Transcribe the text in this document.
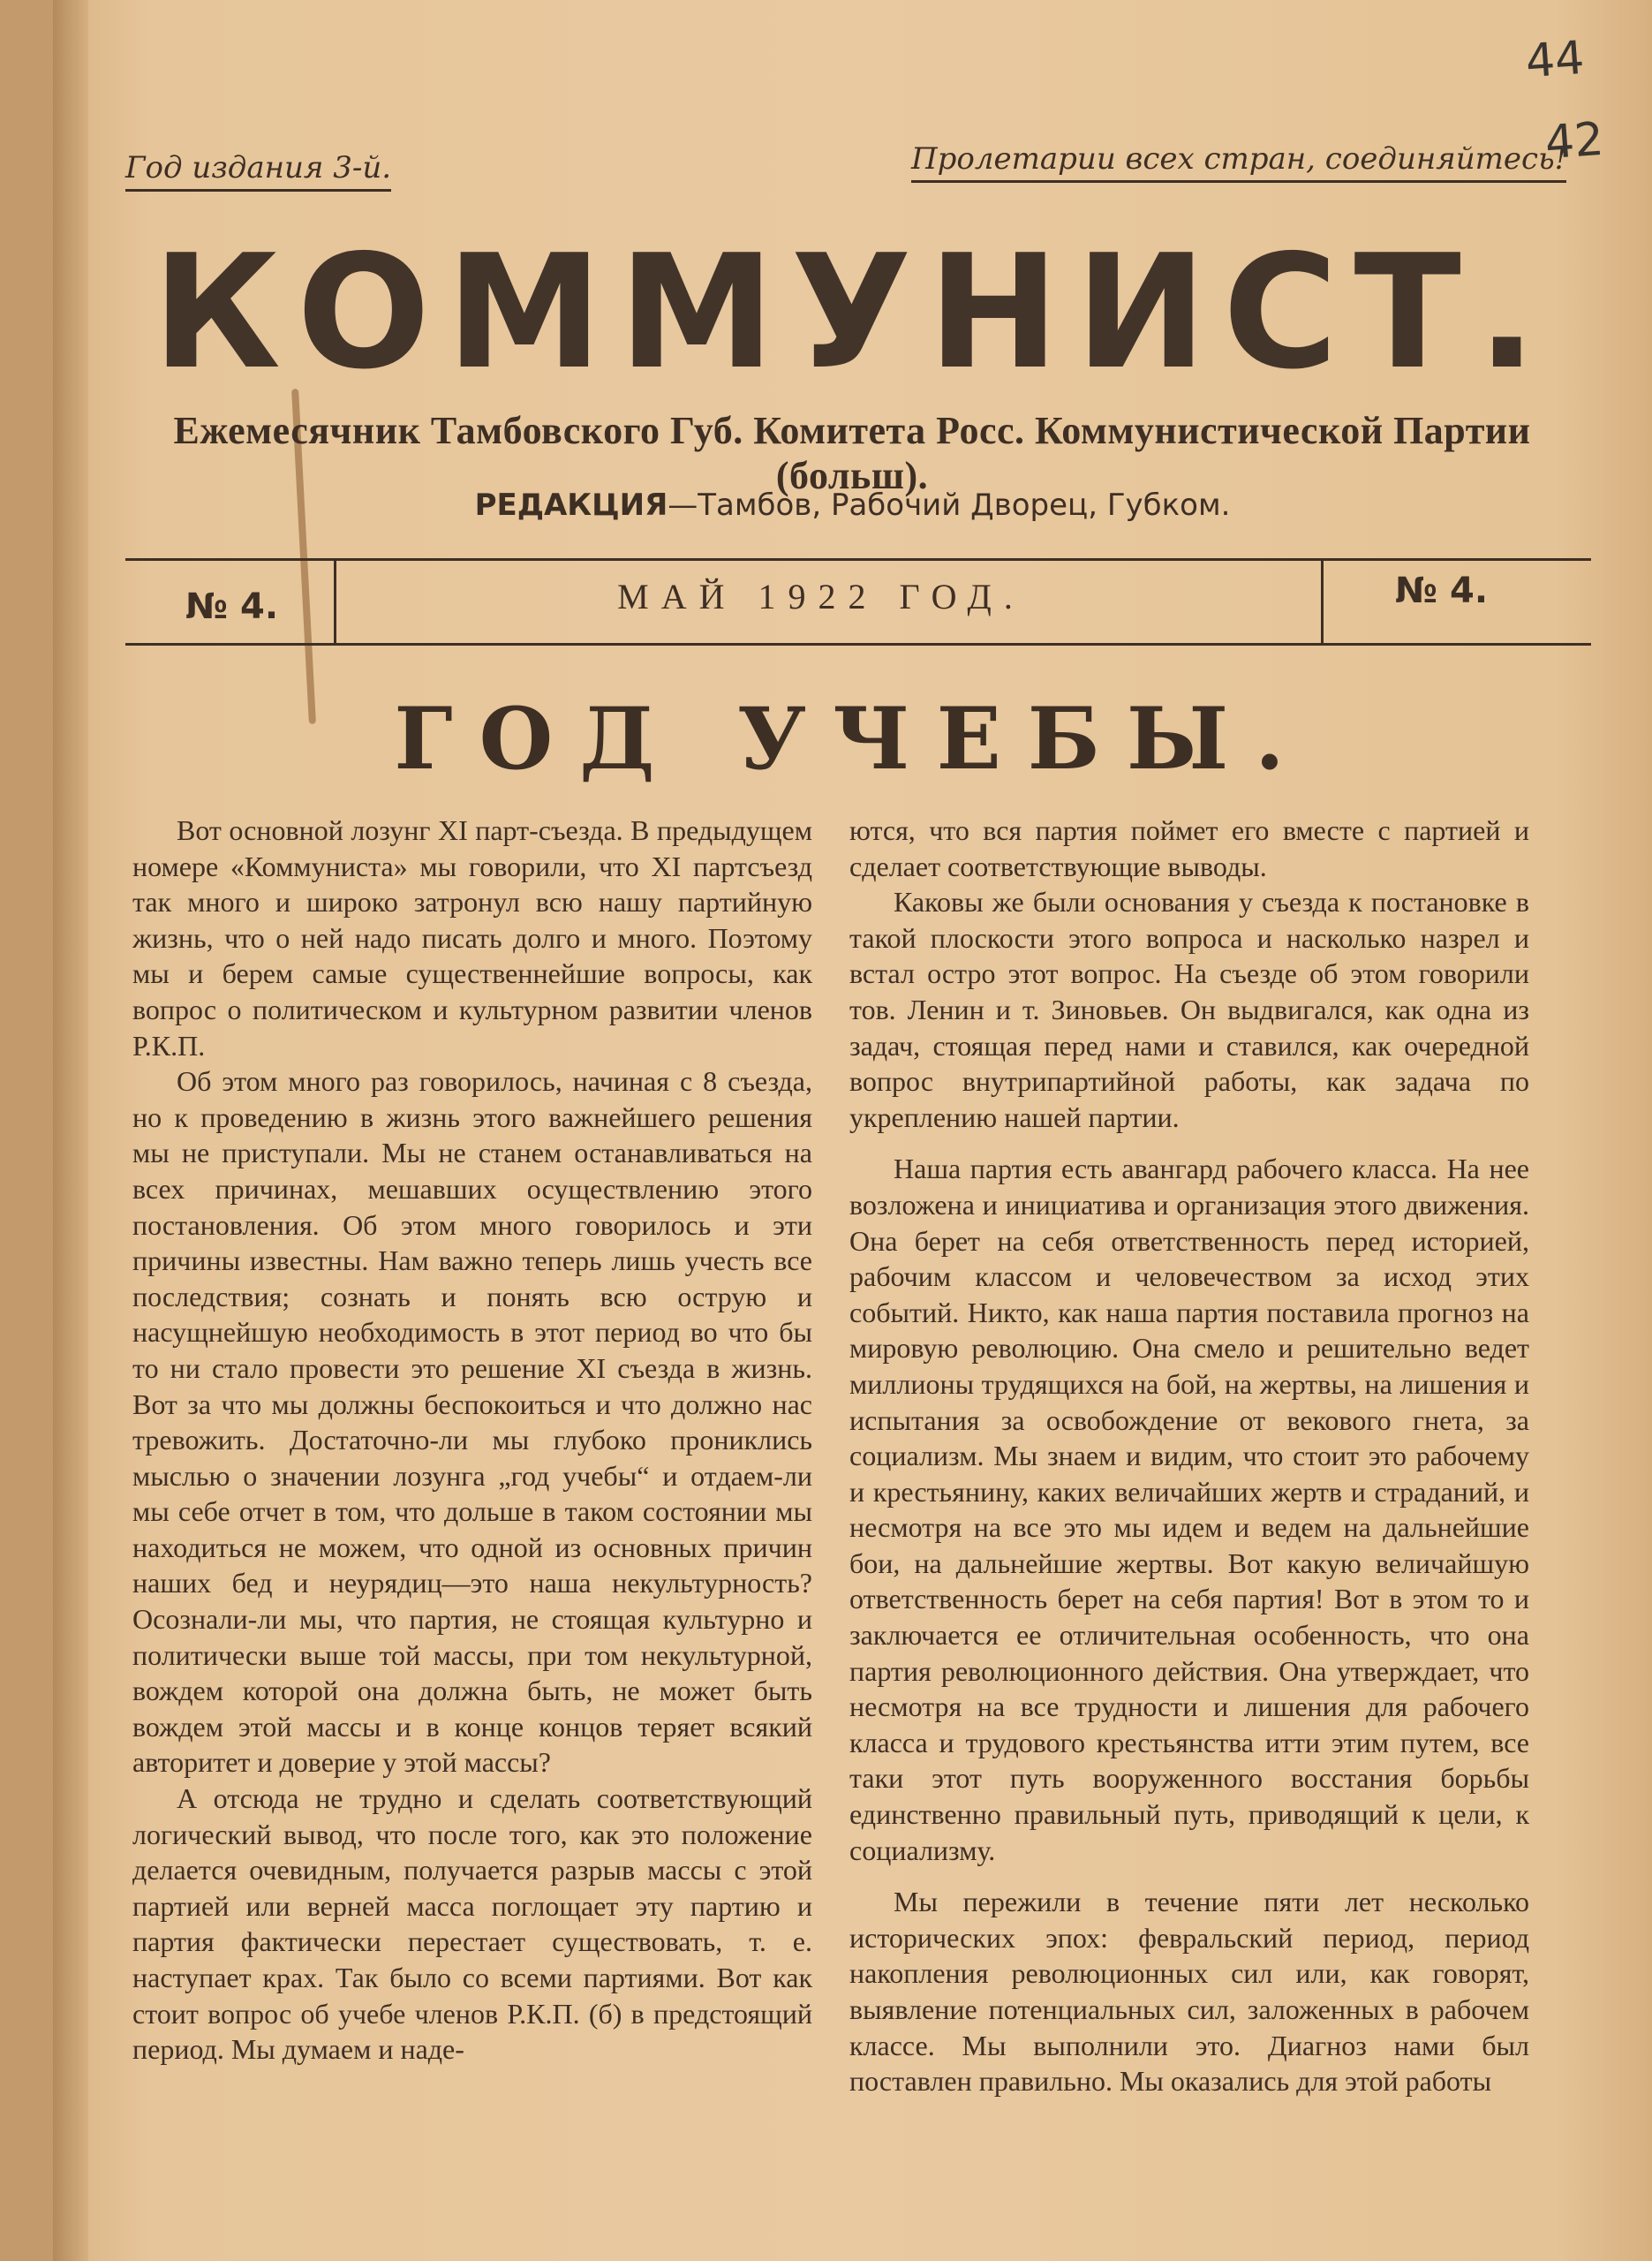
Год издания 3-й.	Пролетарии всех стран, соединяйтесь!
44
42
КОММУНИСТ.
Ежемесячник Тамбовского Губ. Комитета Росс. Коммунистической Партии (больш).
РЕДАКЦИЯ—Тамбов, Рабочий Дворец, Губком.
№ 4.	МАЙ 1922 ГОД.	№ 4.
ГОД УЧЕБЫ.

Вот основной лозунг XI парт-съезда. В предыдущем номере «Коммуниста» мы говорили, что XI партсъезд так много и широко затронул всю нашу партийную жизнь, что о ней надо писать долго и много. Поэтому мы и берем самые существеннейшие вопросы, как вопрос о политическом и культурном развитии членов Р.К.П.

Об этом много раз говорилось, начиная с 8 съезда, но к проведению в жизнь этого важнейшего решения мы не приступали. Мы не станем останавливаться на всех причинах, мешавших осуществлению этого постановления. Об этом много говорилось и эти причины известны. Нам важно теперь лишь учесть все последствия; сознать и понять всю острую и насущнейшую необходимость в этот период во что бы то ни стало провести это решение XI съезда в жизнь. Вот за что мы должны беспокоиться и что должно нас тревожить. Достаточно-ли мы глубоко прониклись мыслью о значении лозунга „год учебы“ и отдаем-ли мы себе отчет в том, что дольше в таком состоянии мы находиться не можем, что одной из основных причин наших бед и неурядиц—это наша некультурность? Осознали-ли мы, что партия, не стоящая культурно и политически выше той массы, при том некультурной, вождем которой она должна быть, не может быть вождем этой массы и в конце концов теряет всякий авторитет и доверие у этой массы?

А отсюда не трудно и сделать соответствующий логический вывод, что после того, как это положение делается очевидным, получается разрыв массы с этой партией или верней масса поглощает эту партию и партия фактически перестает существовать, т. е. наступает крах. Так было со всеми партиями. Вот как стоит вопрос об учебе членов Р.К.П. (б) в предстоящий период. Мы думаем и наде-

ются, что вся партия поймет его вместе с партией и сделает соответствующие выводы.

Каковы же были основания у съезда к постановке в такой плоскости этого вопроса и насколько назрел и встал остро этот вопрос. На съезде об этом говорили тов. Ленин и т. Зиновьев. Он выдвигался, как одна из задач, стоящая перед нами и ставился, как очередной вопрос внутрипартийной работы, как задача по укреплению нашей партии.

Наша партия есть авангард рабочего класса. На нее возложена и инициатива и организация этого движения. Она берет на себя ответственность перед историей, рабочим классом и человечеством за исход этих событий. Никто, как наша партия поставила прогноз на мировую революцию. Она смело и решительно ведет миллионы трудящихся на бой, на жертвы, на лишения и испытания за освобождение от векового гнета, за социализм. Мы знаем и видим, что стоит это рабочему и крестьянину, каких величайших жертв и страданий, и несмотря на все это мы идем и ведем на дальнейшие бои, на дальнейшие жертвы. Вот какую величайшую ответственность берет на себя партия! Вот в этом то и заключается ее отличительная особенность, что она партия революционного действия. Она утверждает, что несмотря на все трудности и лишения для рабочего класса и трудового крестьянства итти этим путем, все таки этот путь вооруженного восстания борьбы единственно правильный путь, приводящий к цели, к социализму.

Мы пережили в течение пяти лет несколько исторических эпох: февральский период, период накопления революционных сил или, как говорят, выявление потенциальных сил, заложенных в рабочем классе. Мы выполнили это. Диагноз нами был поставлен правильно. Мы оказались для этой работы
